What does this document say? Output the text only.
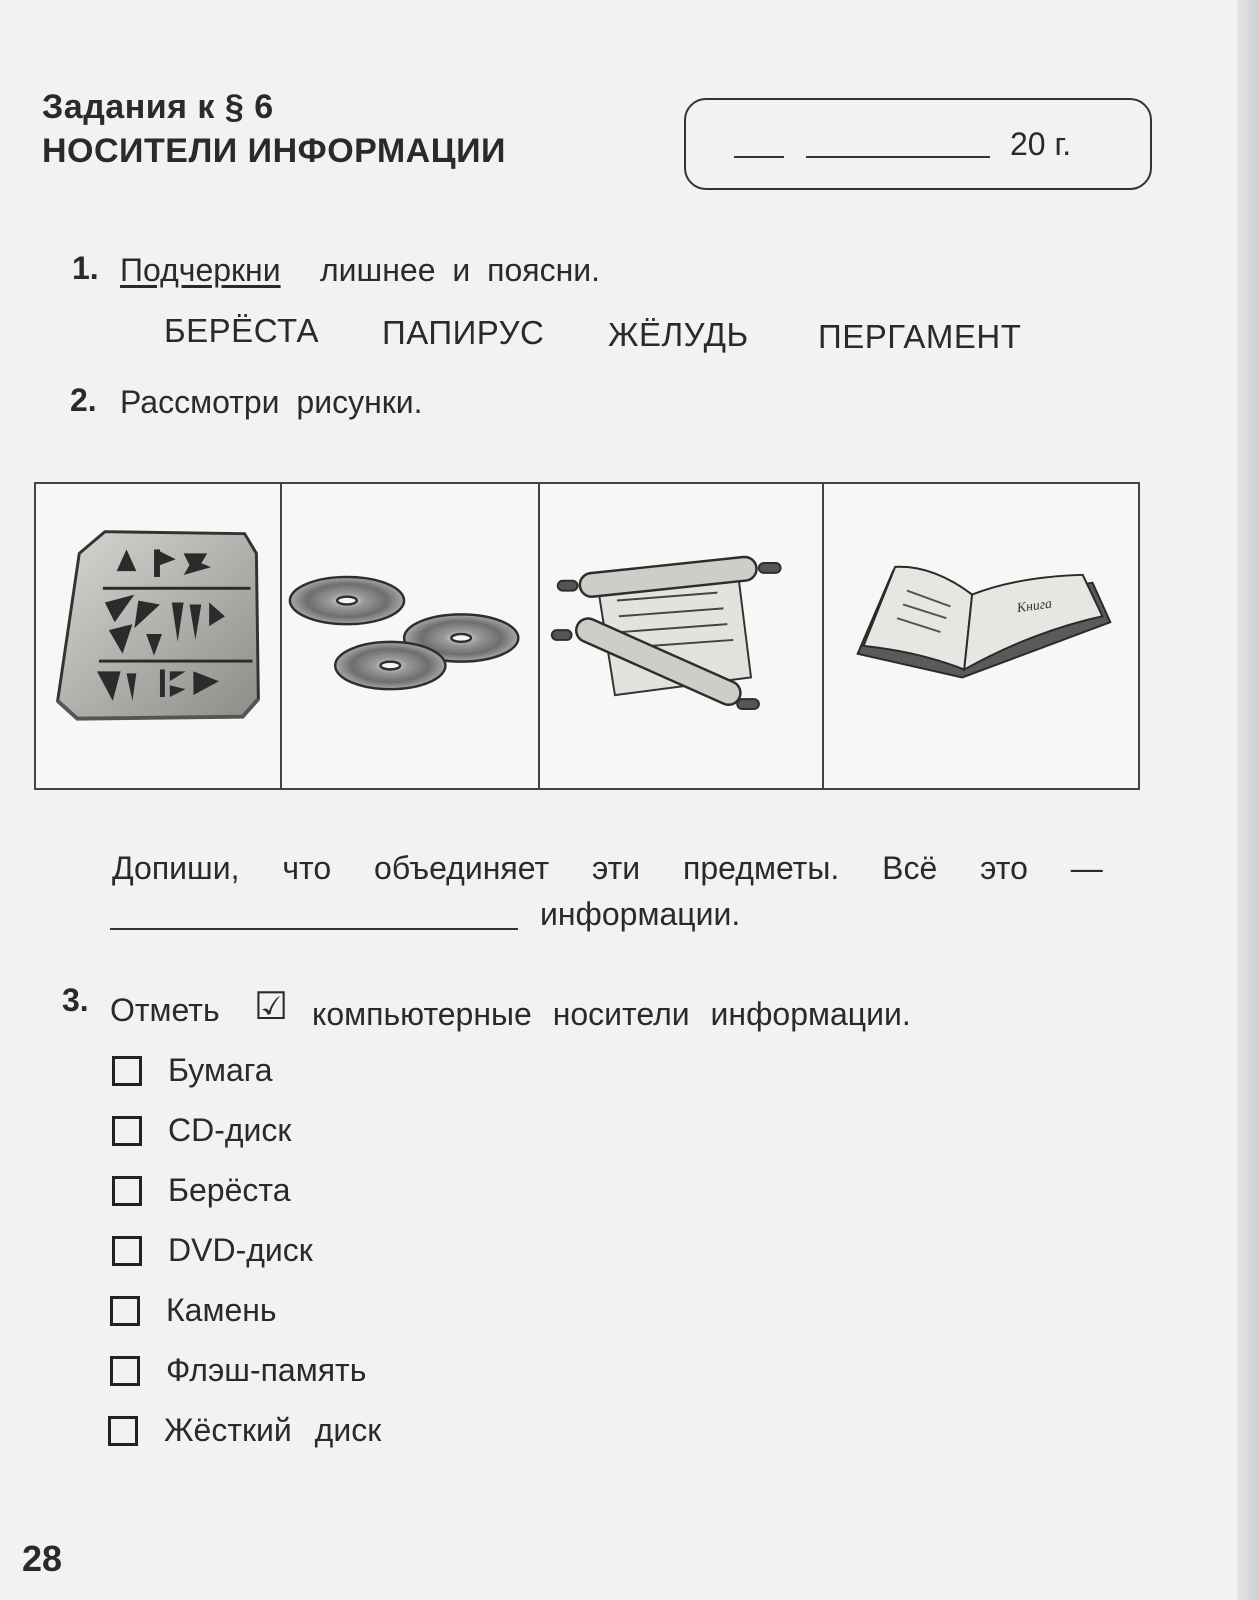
Задания к § 6
НОСИТЕЛИ ИНФОРМАЦИИ	20 г.
1. Подчеркни лишнее и поясни.
БЕРЁСТА ПАПИРУС ЖЁЛУДЬ ПЕРГАМЕНТ
2. Рассмотри рисунки.
Книга
Допиши, что объединяет эти предметы. Всё это —
информации.
3. Отметь ☑ компьютерные носители информации.
Бумага
CD-диск
Берёста
DVD-диск
Камень
Флэш-память
Жёсткий диск
28
